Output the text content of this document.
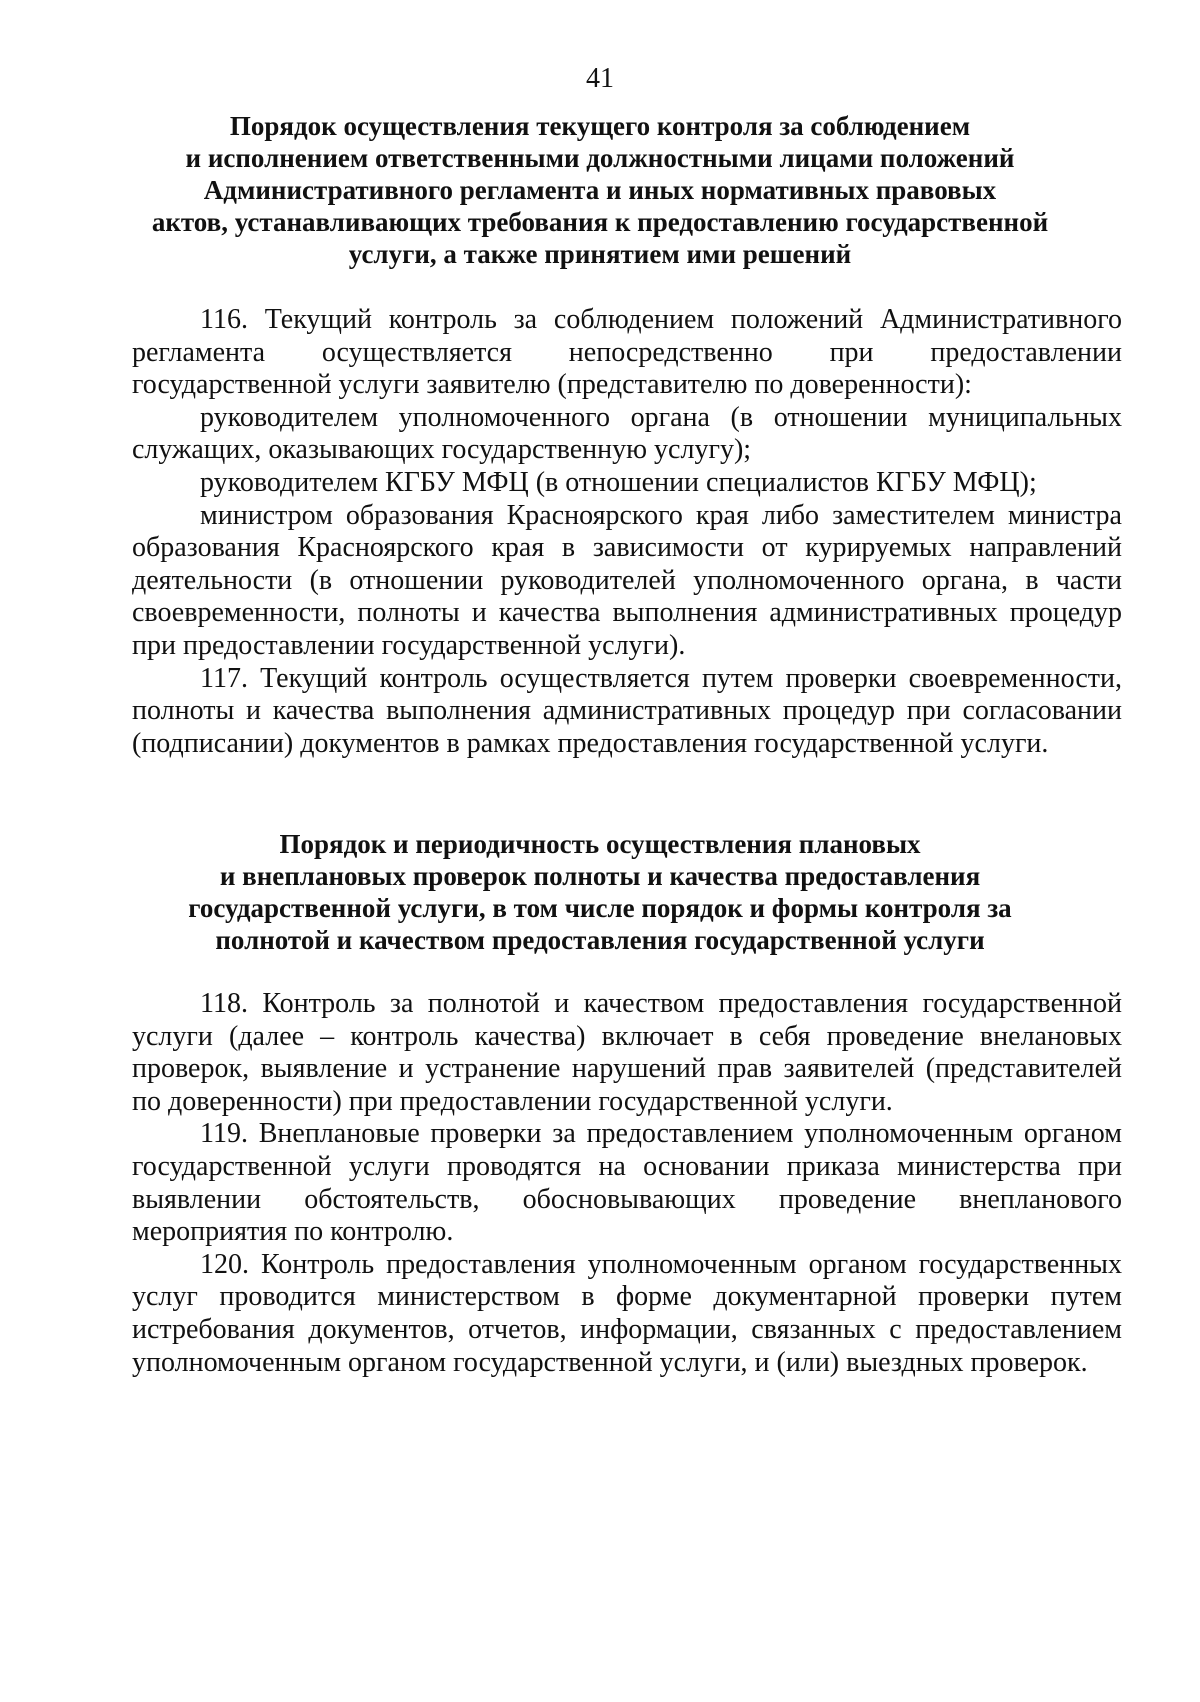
41
Порядок осуществления текущего контроля за соблюдением
и исполнением ответственными должностными лицами положений
Административного регламента и иных нормативных правовых
актов, устанавливающих требования к предоставлению государственной
услуги, а также принятием ими решений

116. Текущий контроль за соблюдением положений Административного регламента осуществляется непосредственно при предоставлении государственной услуги заявителю (представителю по доверенности):

руководителем уполномоченного органа (в отношении муниципальных служащих, оказывающих государственную услугу);

руководителем КГБУ МФЦ (в отношении специалистов КГБУ МФЦ);

министром образования Красноярского края либо заместителем министра образования Красноярского края в зависимости от курируемых направлений деятельности (в отношении руководителей уполномоченного органа, в части своевременности, полноты и качества выполнения административных процедур при предоставлении государственной услуги).

117. Текущий контроль осуществляется путем проверки своевременности, полноты и качества выполнения административных процедур при согласовании (подписании) документов в рамках предоставления государственной услуги.

Порядок и периодичность осуществления плановых
и внеплановых проверок полноты и качества предоставления
государственной услуги, в том числе порядок и формы контроля за
полнотой и качеством предоставления государственной услуги

118. Контроль за полнотой и качеством предоставления государственной услуги (далее – контроль качества) включает в себя проведение внелановых проверок, выявление и устранение нарушений прав заявителей (представителей по доверенности) при предоставлении государственной услуги.

119. Внеплановые проверки за предоставлением уполномоченным органом государственной услуги проводятся на основании приказа министерства при выявлении обстоятельств, обосновывающих проведение внепланового мероприятия по контролю.

120. Контроль предоставления уполномоченным органом государственных услуг проводится министерством в форме документарной проверки путем истребования документов, отчетов, информации, связанных с предоставлением уполномоченным органом государственной услуги, и (или) выездных проверок.
